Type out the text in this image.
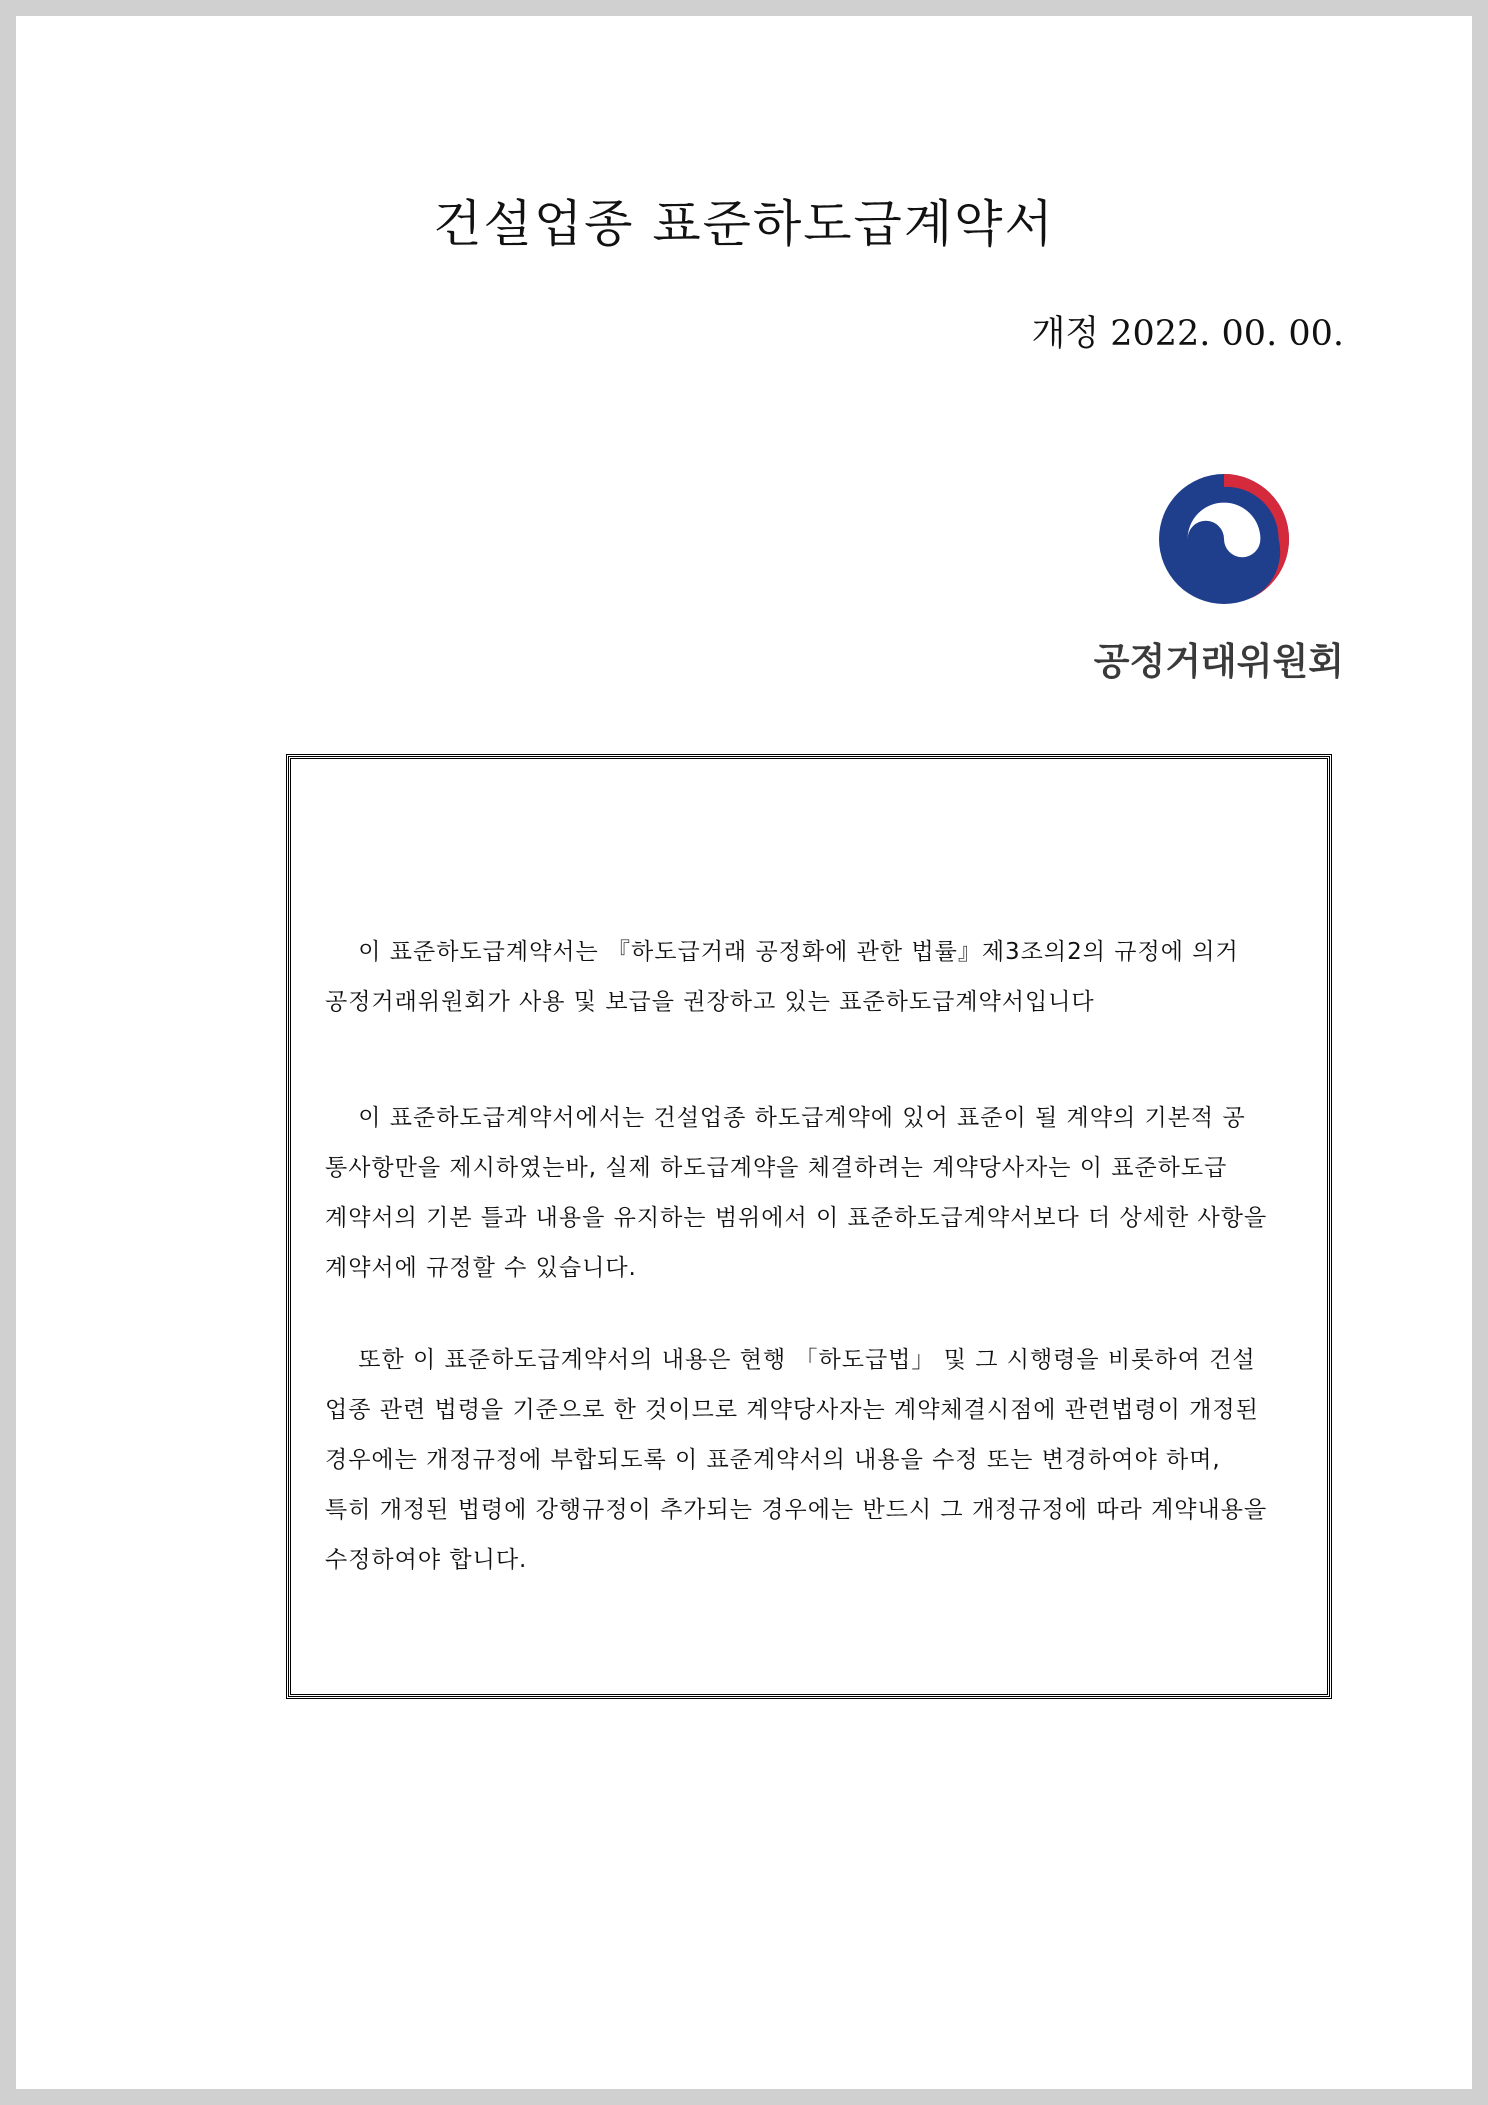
건설업종 표준하도급계약서
개정 2022. 00. 00.
공정거래위원회
이 표준하도급계약서는 『하도급거래 공정화에 관한 법률』제3조의2의 규정에 의거
공정거래위원회가 사용 및 보급을 권장하고 있는 표준하도급계약서입니다
이 표준하도급계약서에서는 건설업종 하도급계약에 있어 표준이 될 계약의 기본적 공
통사항만을 제시하였는바, 실제 하도급계약을 체결하려는 계약당사자는 이 표준하도급
계약서의 기본 틀과 내용을 유지하는 범위에서 이 표준하도급계약서보다 더 상세한 사항을
계약서에 규정할 수 있습니다.
또한 이 표준하도급계약서의 내용은 현행 「하도급법」 및 그 시행령을 비롯하여 건설
업종 관련 법령을 기준으로 한 것이므로 계약당사자는 계약체결시점에 관련법령이 개정된
경우에는 개정규정에 부합되도록 이 표준계약서의 내용을 수정 또는 변경하여야 하며,
특히 개정된 법령에 강행규정이 추가되는 경우에는 반드시 그 개정규정에 따라 계약내용을
수정하여야 합니다.
